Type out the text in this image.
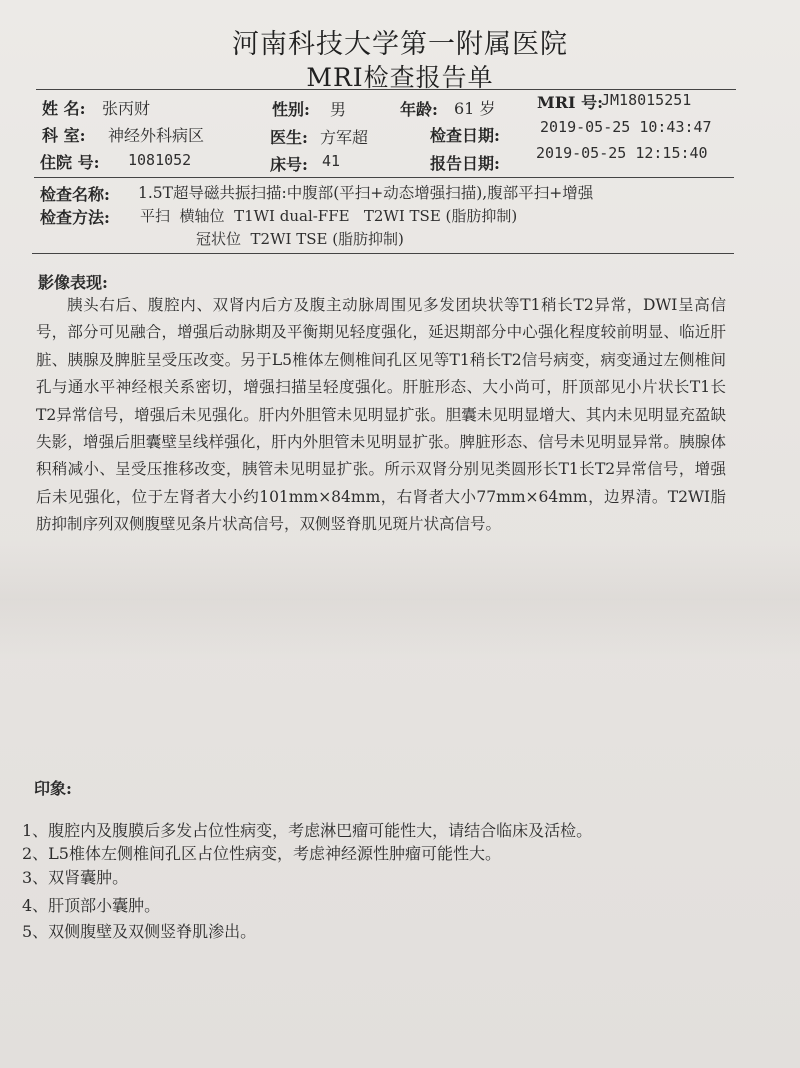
河南科技大学第一附属医院
MRI检查报告单
姓 名: 张丙财	性别: 男	年龄: 61 岁	MRI 号:
JM18015251
科 室: 神经外科病区	医生: 方军超	检查日期:	2019-05-25 10:43:47
住院 号: 1081052	床号: 41	报告日期:
2019-05-25 12:15:40
检查名称: 1.5T超导磁共振扫描:中腹部(平扫+动态增强扫描),腹部平扫+增强
检查方法: 平扫  横轴位  T1WI dual-FFE   T2WI TSE (脂肪抑制)
冠状位  T2WI TSE (脂肪抑制)
影像表现:
胰头右后、腹腔内、双肾内后方及腹主动脉周围见多发团块状等T1稍长T2异常，DWI呈高信号，部分可见融合，增强后动脉期及平衡期见轻度强化，延迟期部分中心强化程度较前明显、临近肝脏、胰腺及脾脏呈受压改变。另于L5椎体左侧椎间孔区见等T1稍长T2信号病变，病变通过左侧椎间孔与通水平神经根关系密切，增强扫描呈轻度强化。肝脏形态、大小尚可，肝顶部见小片状长T1长T2异常信号，增强后未见强化。肝内外胆管未见明显扩张。胆囊未见明显增大、其内未见明显充盈缺失影，增强后胆囊壁呈线样强化，肝内外胆管未见明显扩张。脾脏形态、信号未见明显异常。胰腺体积稍减小、呈受压推移改变，胰管未见明显扩张。所示双肾分别见类圆形长T1长T2异常信号，增强后未见强化，位于左肾者大小约101mm×84mm，右肾者大小77mm×64mm，边界清。T2WI脂肪抑制序列双侧腹壁见条片状高信号，双侧竖脊肌见斑片状高信号。
印象:
1、腹腔内及腹膜后多发占位性病变，考虑淋巴瘤可能性大，请结合临床及活检。
2、L5椎体左侧椎间孔区占位性病变，考虑神经源性肿瘤可能性大。
3、双肾囊肿。
4、肝顶部小囊肿。
5、双侧腹壁及双侧竖脊肌渗出。
